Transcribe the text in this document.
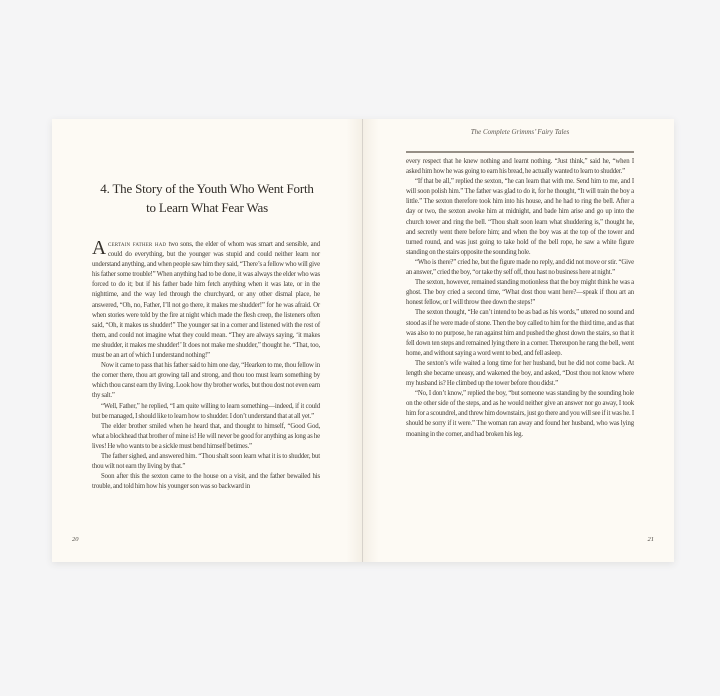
4. The Story of the Youth Who Went Forth
to Learn What Fear Was

Acertain father had two sons, the elder of whom was smart and sensible, and could do everything, but the younger was stupid and could neither learn nor understand anything, and when people saw him they said, “There’s a fellow who will give his father some trouble!” When anything had to be done, it was always the elder who was forced to do it; but if his father bade him fetch anything when it was late, or in the nighttime, and the way led through the churchyard, or any other dismal place, he answered, “Oh, no, Father, I’ll not go there, it makes me shudder!” for he was afraid. Or when stories were told by the fire at night which made the flesh creep, the listeners often said, “Oh, it makes us shudder!” The younger sat in a corner and listened with the rest of them, and could not imagine what they could mean. “They are always saying, ‘it makes me shudder, it makes me shudder!’ It does not make me shudder,” thought he. “That, too, must be an art of which I understand nothing!”

Now it came to pass that his father said to him one day, “Hearken to me, thou fellow in the corner there, thou art growing tall and strong, and thou too must learn something by which thou canst earn thy living. Look how thy brother works, but thou dost not even earn thy salt.”

“Well, Father,” he replied, “I am quite willing to learn something—indeed, if it could but be managed, I should like to learn how to shudder. I don’t understand that at all yet.”

The elder brother smiled when he heard that, and thought to himself, “Good God, what a blockhead that brother of mine is! He will never be good for anything as long as he lives! He who wants to be a sickle must bend himself betimes.”

The father sighed, and answered him. “Thou shalt soon learn what it is to shudder, but thou wilt not earn thy living by that.”

Soon after this the sexton came to the house on a visit, and the father bewailed his trouble, and told him how his younger son was so backward in

20
The Complete Grimms’ Fairy Tales

every respect that he knew nothing and learnt nothing. “Just think,” said he, “when I asked him how he was going to earn his bread, he actually wanted to learn to shudder.”

“If that be all,” replied the sexton, “he can learn that with me. Send him to me, and I will soon polish him.” The father was glad to do it, for he thought, “It will train the boy a little.” The sexton therefore took him into his house, and he had to ring the bell. After a day or two, the sexton awoke him at midnight, and bade him arise and go up into the church tower and ring the bell. “Thou shalt soon learn what shuddering is,” thought he, and secretly went there before him; and when the boy was at the top of the tower and turned round, and was just going to take hold of the bell rope, he saw a white figure standing on the stairs opposite the sounding hole.

“Who is there?” cried he, but the figure made no reply, and did not move or stir. “Give an answer,” cried the boy, “or take thy self off, thou hast no business here at night.”

The sexton, however, remained standing motionless that the boy might think he was a ghost. The boy cried a second time, “What dost thou want here?—speak if thou art an honest fellow, or I will throw thee down the steps!”

The sexton thought, “He can’t intend to be as bad as his words,” uttered no sound and stood as if he were made of stone. Then the boy called to him for the third time, and as that was also to no purpose, he ran against him and pushed the ghost down the stairs, so that it fell down ten steps and remained lying there in a corner. Thereupon he rang the bell, went home, and without saying a word went to bed, and fell asleep.

The sexton’s wife waited a long time for her husband, but he did not come back. At length she became uneasy, and wakened the boy, and asked, “Dost thou not know where my husband is? He climbed up the tower before thou didst.”

“No, I don’t know,” replied the boy, “but someone was standing by the sounding hole on the other side of the steps, and as he would neither give an answer nor go away, I took him for a scoundrel, and threw him downstairs, just go there and you will see if it was he. I should be sorry if it were.” The woman ran away and found her husband, who was lying moaning in the corner, and had broken his leg.

21
